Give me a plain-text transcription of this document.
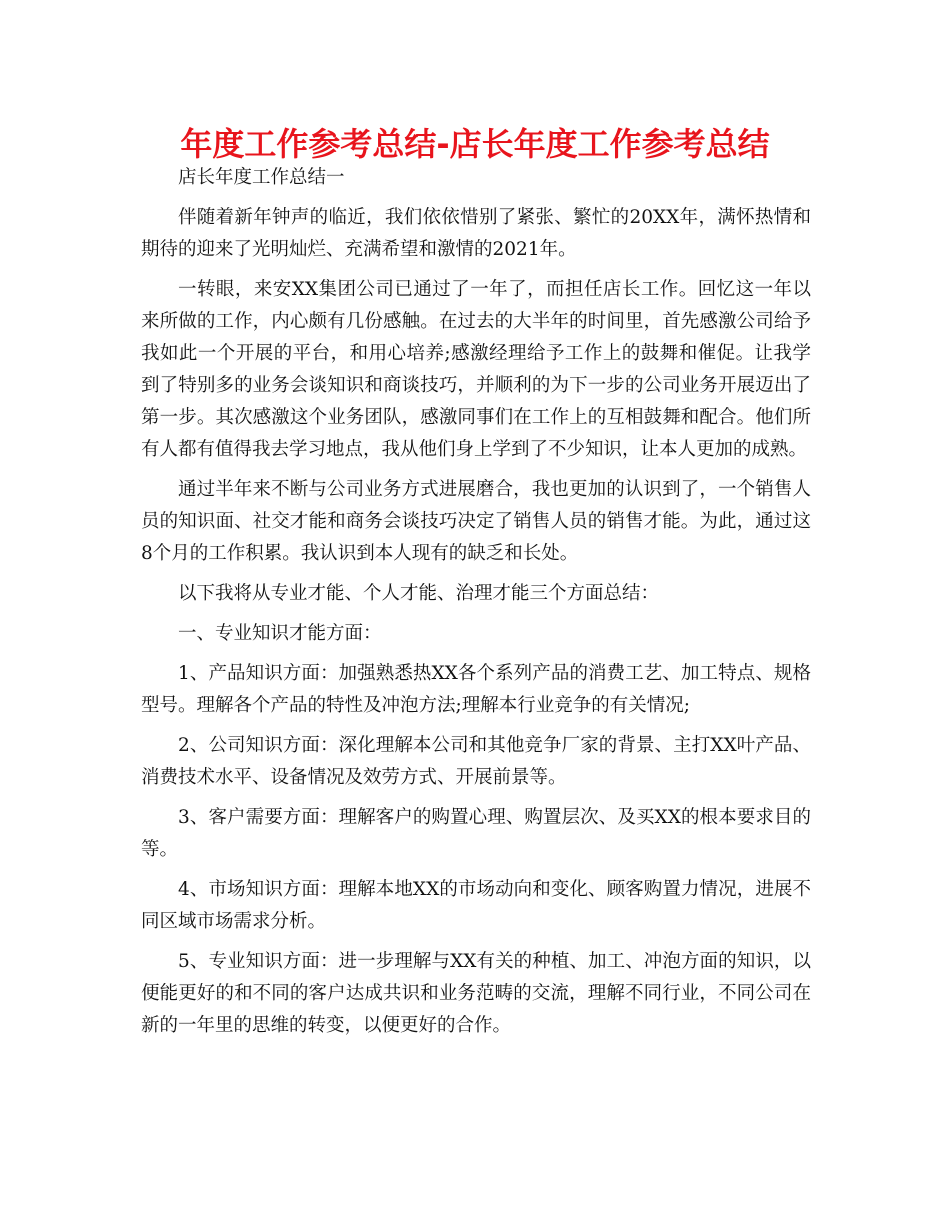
年度工作参考总结-店长年度工作参考总结

店长年度工作总结一

伴随着新年钟声的临近，我们依依惜别了紧张、繁忙的20XX年，满怀热情和期待的迎来了光明灿烂、充满希望和激情的2021年。

一转眼，来安XX集团公司已通过了一年了，而担任店长工作。回忆这一年以来所做的工作，内心颇有几份感触。在过去的大半年的时间里，首先感激公司给予我如此一个开展的平台，和用心培养;感激经理给予工作上的鼓舞和催促。让我学到了特别多的业务会谈知识和商谈技巧，并顺利的为下一步的公司业务开展迈出了第一步。其次感激这个业务团队，感激同事们在工作上的互相鼓舞和配合。他们所有人都有值得我去学习地点，我从他们身上学到了不少知识，让本人更加的成熟。

通过半年来不断与公司业务方式进展磨合，我也更加的认识到了，一个销售人员的知识面、社交才能和商务会谈技巧决定了销售人员的销售才能。为此，通过这8个月的工作积累。我认识到本人现有的缺乏和长处。

以下我将从专业才能、个人才能、治理才能三个方面总结：

一、专业知识才能方面：

1、产品知识方面：加强熟悉热XX各个系列产品的消费工艺、加工特点、规格型号。理解各个产品的特性及冲泡方法;理解本行业竞争的有关情况;

2、公司知识方面：深化理解本公司和其他竞争厂家的背景、主打XX叶产品、消费技术水平、设备情况及效劳方式、开展前景等。

3、客户需要方面：理解客户的购置心理、购置层次、及买XX的根本要求目的等。

4、市场知识方面：理解本地XX的市场动向和变化、顾客购置力情况，进展不同区域市场需求分析。

5、专业知识方面：进一步理解与XX有关的种植、加工、冲泡方面的知识，以便能更好的和不同的客户达成共识和业务范畴的交流，理解不同行业，不同公司在新的一年里的思维的转变，以便更好的合作。
